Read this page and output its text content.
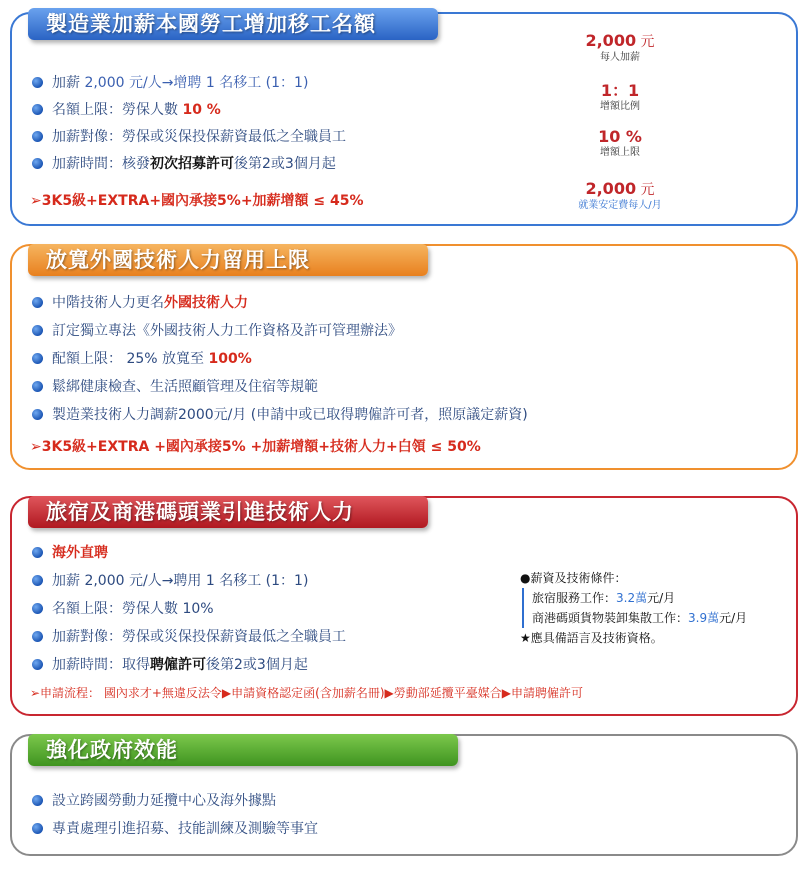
製造業加薪本國勞工增加移工名額
加薪 2,000 元/人→增聘 1 名移工 (1：1)
名額上限：勞保人數 10 %
加薪對像：勞保或災保投保薪資最低之全職員工
加薪時間：核發初次招募許可後第2或3個月起
➢3K5級+EXTRA+國內承接5%+加薪增額 ≤ 45%
2,000 元
每人加薪
1：1
增額比例
10 %
增額上限
2,000 元
就業安定費每人/月
放寬外國技術人力留用上限
中階技術人力更名外國技術人力
訂定獨立專法《外國技術人力工作資格及許可管理辦法》
配額上限： 25% 放寬至 100%
鬆綁健康檢查、生活照顧管理及住宿等規範
製造業技術人力調薪2000元/月 (申請中或已取得聘僱許可者，照原議定薪資)
➢3K5級+EXTRA +國內承接5% +加薪增額+技術人力+白領 ≤ 50%
旅宿及商港碼頭業引進技術人力
海外直聘
加薪 2,000 元/人→聘用 1 名移工 (1：1)
名額上限：勞保人數 10%
加薪對像：勞保或災保投保薪資最低之全職員工
加薪時間：取得聘僱許可後第2或3個月起
➢申請流程： 國內求才+無違反法令▶申請資格認定函(含加薪名冊)▶勞動部延攬平臺媒合▶申請聘僱許可
●薪資及技術條件：
旅宿服務工作：3.2萬元/月
商港碼頭貨物裝卸集散工作：3.9萬元/月
★應具備語言及技術資格。
強化政府效能
設立跨國勞動力延攬中心及海外據點
專責處理引進招募、技能訓練及測驗等事宜
